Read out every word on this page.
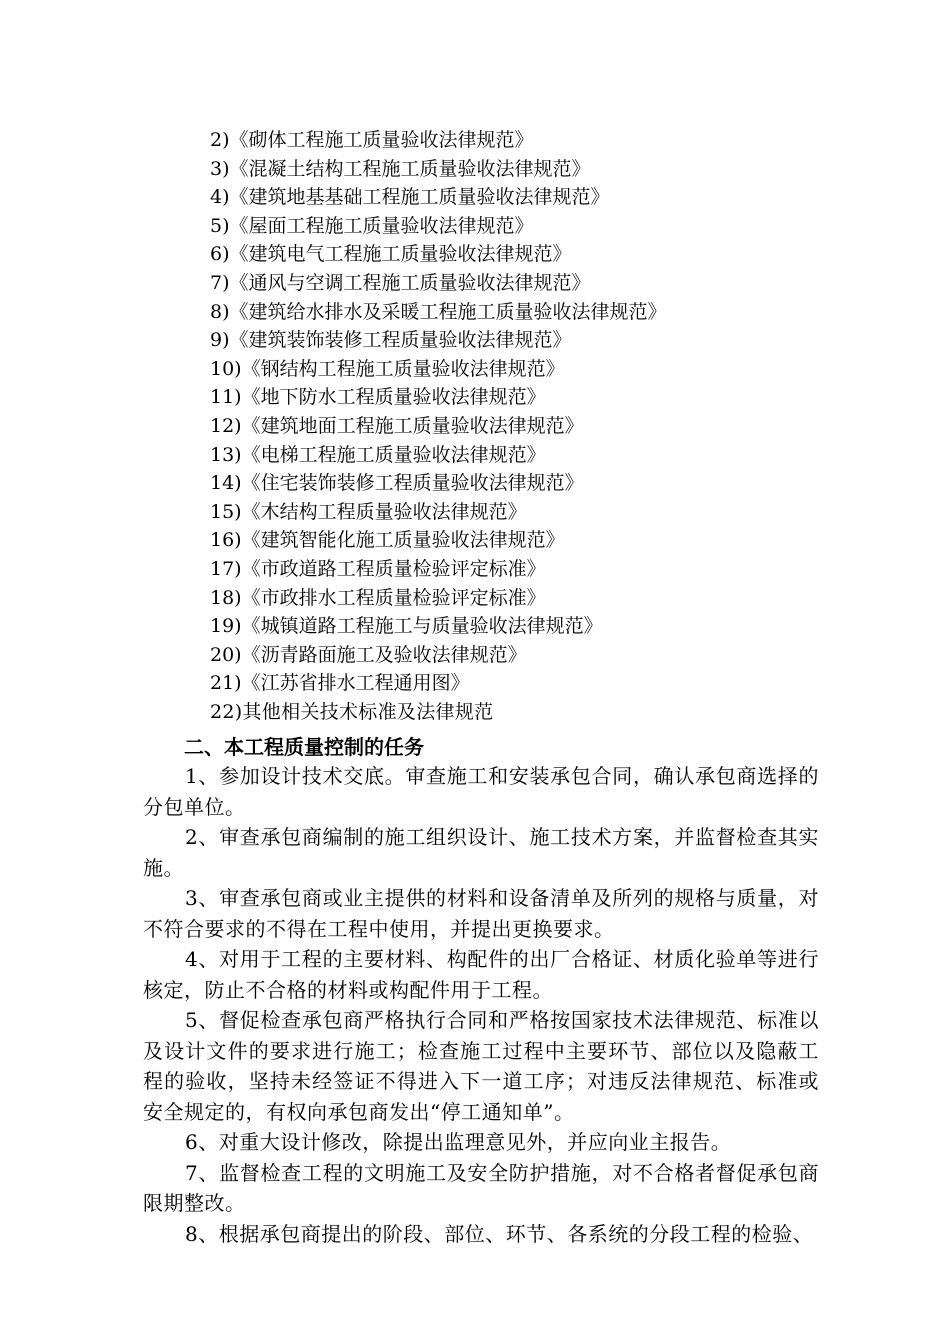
2)《砌体工程施工质量验收法律规范》
3)《混凝土结构工程施工质量验收法律规范》
4)《建筑地基基础工程施工质量验收法律规范》
5)《屋面工程施工质量验收法律规范》
6)《建筑电气工程施工质量验收法律规范》
7)《通风与空调工程施工质量验收法律规范》
8)《建筑给水排水及采暖工程施工质量验收法律规范》
9)《建筑装饰装修工程质量验收法律规范》
10)《钢结构工程施工质量验收法律规范》
11)《地下防水工程质量验收法律规范》
12)《建筑地面工程施工质量验收法律规范》
13)《电梯工程施工质量验收法律规范》
14)《住宅装饰装修工程质量验收法律规范》
15)《木结构工程质量验收法律规范》
16)《建筑智能化施工质量验收法律规范》
17)《市政道路工程质量检验评定标准》
18)《市政排水工程质量检验评定标准》
19)《城镇道路工程施工与质量验收法律规范》
20)《沥青路面施工及验收法律规范》
21)《江苏省排水工程通用图》
22)其他相关技术标准及法律规范
二、本工程质量控制的任务

1、参加设计技术交底。审查施工和安装承包合同，确认承包商选择的分包单位。

2、审查承包商编制的施工组织设计、施工技术方案，并监督检查其实施。

3、审查承包商或业主提供的材料和设备清单及所列的规格与质量，对不符合要求的不得在工程中使用，并提出更换要求。

4、对用于工程的主要材料、构配件的出厂合格证、材质化验单等进行核定，防止不合格的材料或构配件用于工程。

5、督促检查承包商严格执行合同和严格按国家技术法律规范、标准以及设计文件的要求进行施工；检查施工过程中主要环节、部位以及隐蔽工程的验收，坚持未经签证不得进入下一道工序；对违反法律规范、标准或安全规定的，有权向承包商发出“停工通知单”。

6、对重大设计修改，除提出监理意见外，并应向业主报告。

7、监督检查工程的文明施工及安全防护措施，对不合格者督促承包商限期整改。

8、根据承包商提出的阶段、部位、环节、各系统的分段工程的检验、
